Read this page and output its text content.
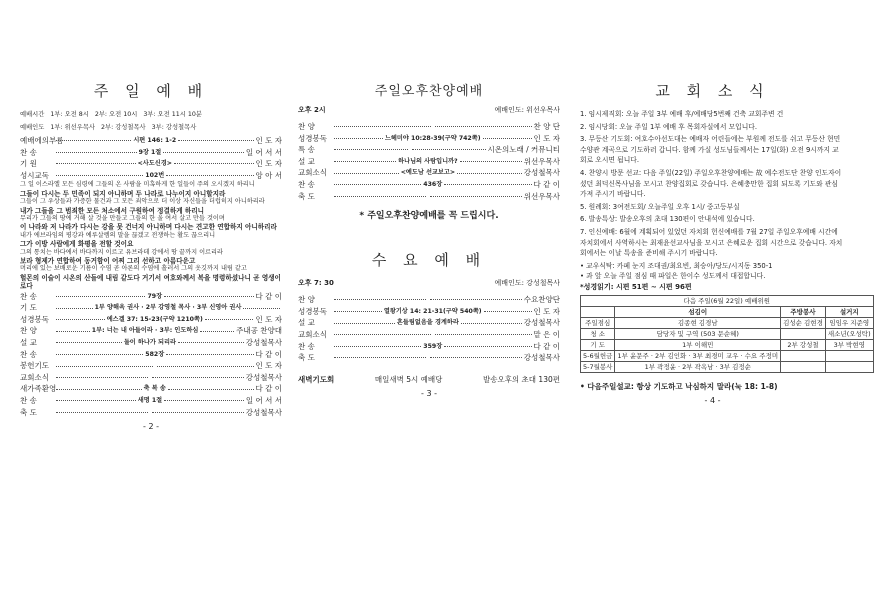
주 일 예 배
예배시간 1부: 오전 8시 2부: 오전 10시 3부: 오전 11시 10분
예배인도 1부: 위선우목사 2부: 강성철목사 3부: 강성철목사
예배에의부름	시편 146: 1-2	인 도 자
찬 송	9장 1절	일 어 서 서
기 원	<사도신경>	인 도 자
성시교독	102번	앙 아 서
그 일 이스라엘 모든 심령에 그들의 온 사람을 미혹하게 한 일들이 주의 오시겠지 하리니
그들이 다시는 두 민족이 되지 아니하며 두 나라로 나누이지 아니할지라
그들이 그 우상들과 가증한 물건과 그 모든 죄악으로 더 이상 자신들을 더럽히지 아니하리라
내가 그들을 그 범죄한 모든 처소에서 구원하여 정결하게 하리니
무리가 그들의 땅에 거해 살 것을 만들고 그들의 한 울 여서 살고 만들 것이며
이 나라와 저 나라가 다시는 강을 못 건너지 아니하며 다시는 견고한 연합하지 아니하리라
내가 에브라임의 평강과 예루살렘의 말을 끊겠고 전쟁하는 활도 끊으리니
그가 이방 사람에게 화평을 전할 것이요
그의 통치는 바다에서 바다까지 이르고 유브라데 강에서 땅 끝까지 이르리라
보라 형제가 연합하여 동거함이 어찌 그리 선하고 아름다운고
머리에 있는 보배로운 기름이 수염 곧 아론의 수염에 흘러서 그의 옷깃까지 내림 같고
헐몬의 이슬이 시온의 산들에 내림 같도다 거기서 여호와께서 복을 명령하셨나니 곧 영생이로다
찬 송	79장	다 같 이
기 도	1부 양해옥 권사 · 2부 강영철 목사 · 3부 신영아 권사
성경봉독	에스겔 37: 15-23(구약 1210쪽)	인 도 자
찬 양	1부: 너는 내 아들이라 · 3부: 인도하심	주내공 찬양대
설 교	둘이 하나가 되리라	강성철목사
찬 송	582장	다 같 이
봉헌기도	인 도 자
교회소식	강성철목사
새가족환영	축 복 송	다 같 이
찬 송	새명 1절	일 어 서 서
축 도	강성철목사
- 2 -
주일오후찬양예배
오후 2시	예배인도: 위선우목사
찬 양	찬 양 단
성경봉독	느헤미야 10:28-39(구약 742쪽)	인 도 자
특 송	시온의노래 / 커뮤니티
설 교	하나님의 사람입니까?	위선우목사
교회소식	<예도남 선교보고>	강성철목사
찬 송	436장	다 같 이
축 도	위선우목사
* 주일오후찬양예배를 꼭 드립시다.
수 요 예 배
오후 7: 30	예배인도: 강성철목사
찬 양	수요찬양단
성경봉독	열왕기상 14: 21-31(구약 540쪽)	인 도 자
설 교	흔들림없음을 경계하라	강성철목사
교회소식	맡 은 이
찬 송	359장	다 같 이
축 도	강성철목사
새벽기도회	매일새벽 5시 예배당	발송오후의 초대 130편
- 3 -
교 회 소 식
1. 임시제직회: 오늘 주일 3부 예배 후/예배당5번째 건축 교회주변 건
2. 임시당회: 오늘 주일 1부 예배 후 목회자실에서 모입니다.
3. 무등산 기도회: 여호수아선도대는 예배자 어린들에는 부원께 전도를 쉬고 무등산 현민수양관 계곡으로 기도하러 갑니다. 함께 가실 성도님들께서는 17일(화) 오전 9시까지 교회로 오시면 됩니다.
4. 찬양시 방문 선교: 다음 주일(22일) 주일오후찬양예배는 故 예수전도단 찬양 인도자이셨던 최덕신목사님을 모시고 찬양집회로 갖습니다. 은혜충만한 집회 되도록 기도와 관심 가져 주시기 바랍니다.
5. 원례회: 3여전도회/ 오늘주일 오후 1시/ 중고등부실
6. 발송특상: 발송오후의 초대 130편이 안내석에 있습니다.
7. 인신예배: 6월에 계획되어 있었던 자치회 헌신예배를 7월 27일 주일오후예배 시간에 자치회에서 사역하시는 최재윤선교사님을 모시고 은혜로운 집회 시간으로 갖습니다. 자치회에서는 이날 특송을 준비해 주시기 바랍니다.
• 교우식탁: 카페 눈지 조대권/최요빈, 최승아/당도/시지동 350-1
• 과 앞 오늘 주일 점심 때 파일은 한이수 성도께서 대접합니다.
*성경읽기: 시편 51편 ~ 시편 96편
다음 주일(6월 22일) 예배위원			
	섬김이	주방봉사	설거지
주일점심	김종현 김경남	김성순 김현경	임임우 지준영
청 소	담당자 및 구역 (503 문순혜)		새소년(오성탁)
기 도	1부 이해민	2부 강성철	3부 박현영
5-6월헌금	1부 윤문주 · 2부 김인화 · 3부 최경미 교우 · 수요 주정미		
5-7월봉사	1부 곽정윤 · 2부 곽옥남 · 3부 김정순		
• 다음주일설교: 항상 기도하고 낙심하지 말라(눅 18: 1-8)
- 4 -
